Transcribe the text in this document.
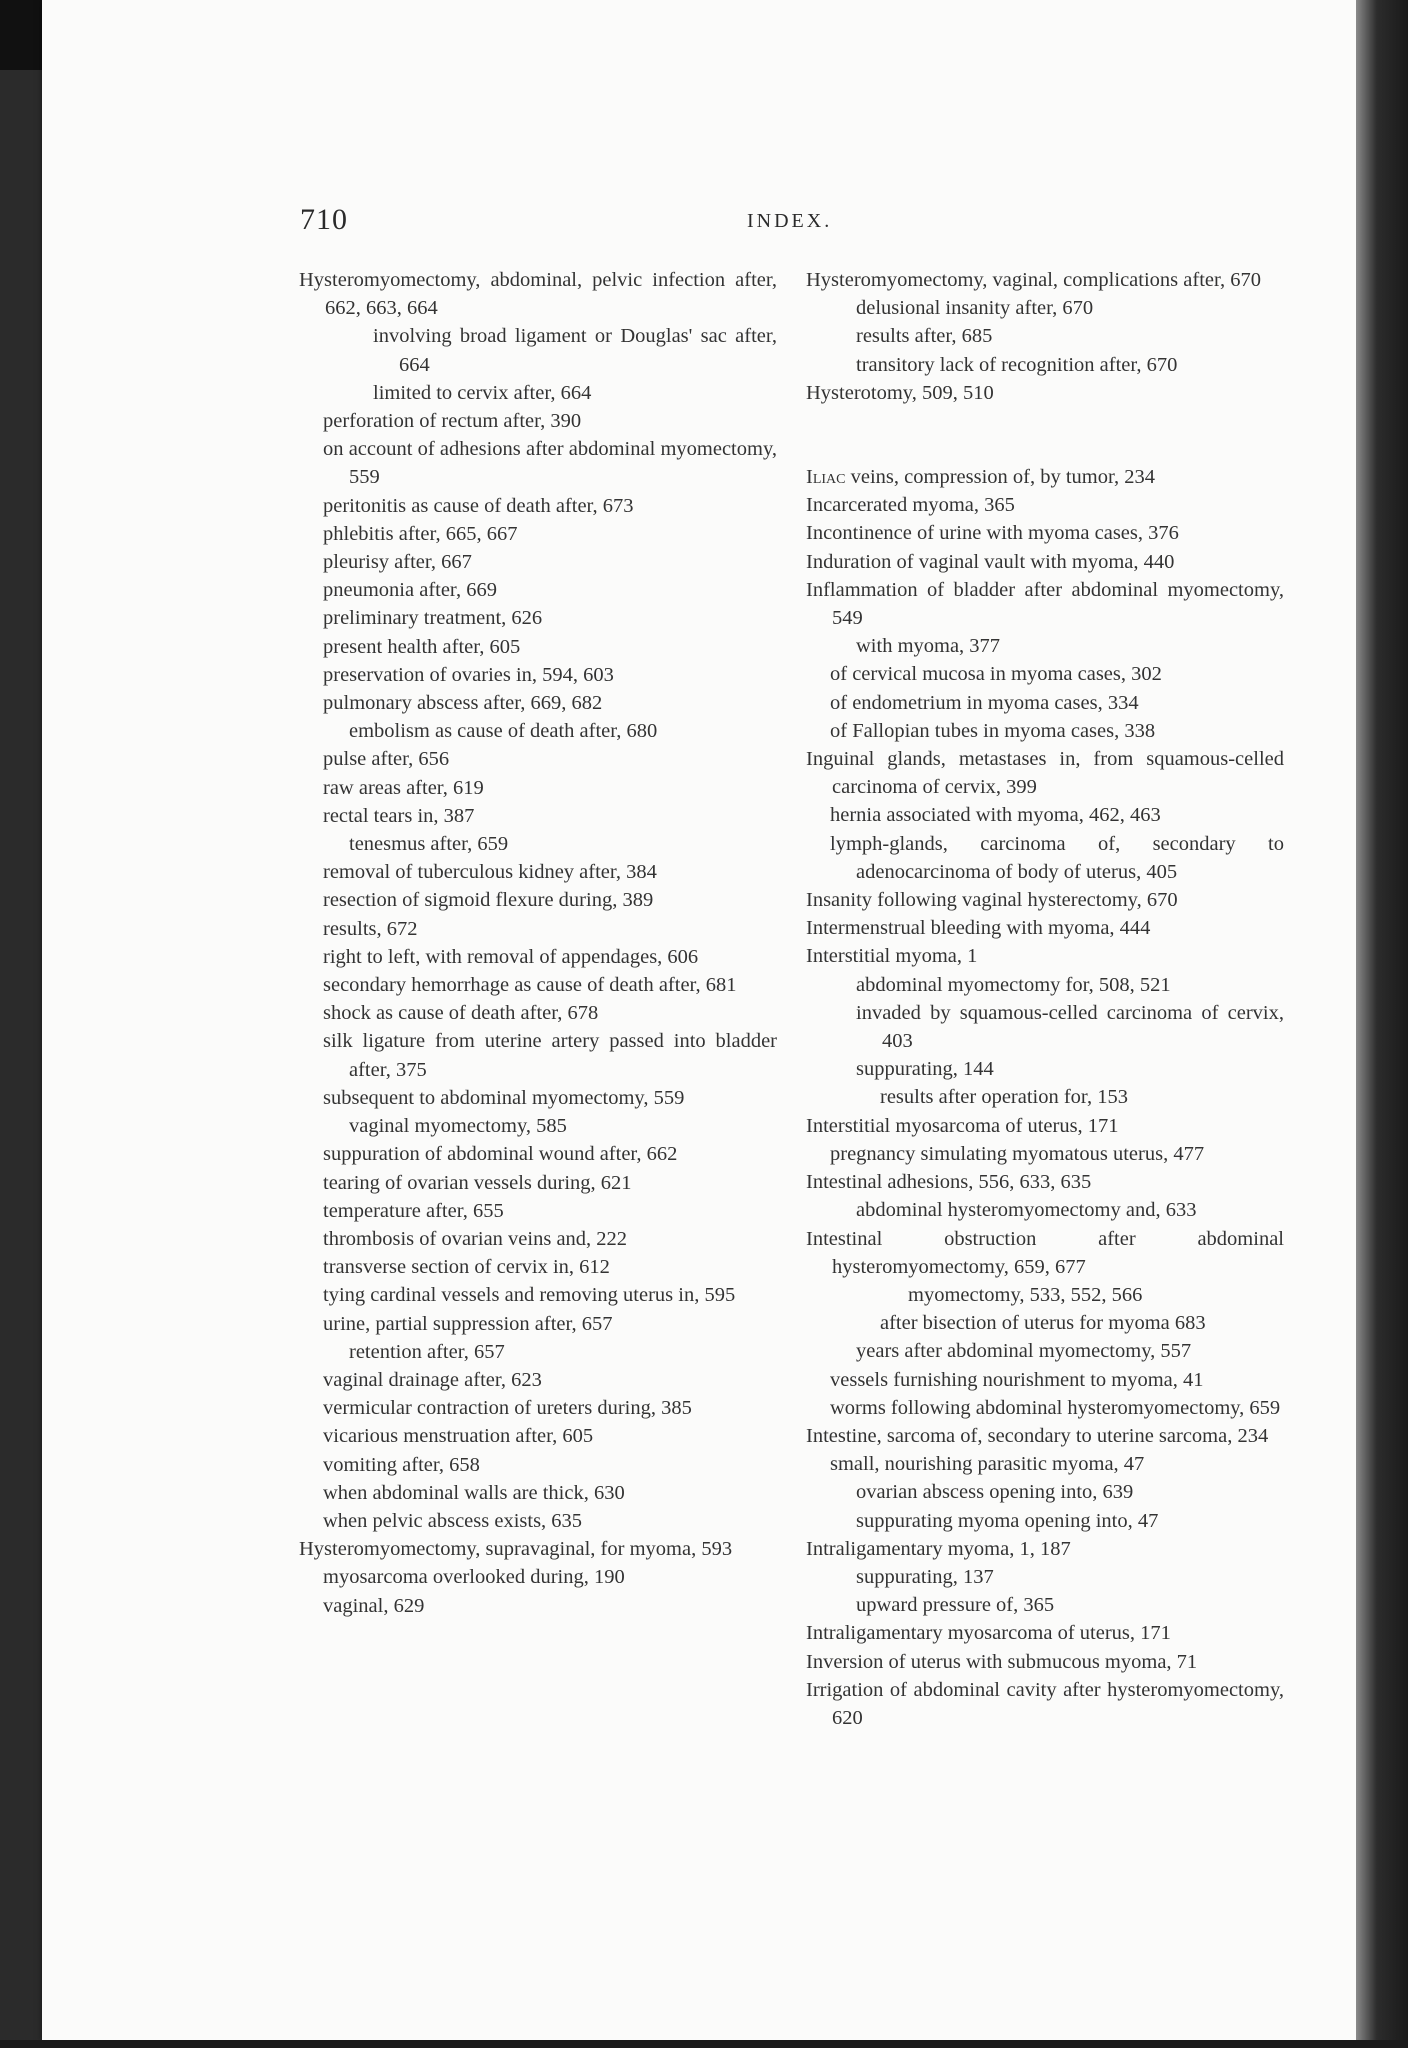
710	INDEX.
Hysteromyomectomy, abdominal, pelvic infection after, 662, 663, 664
involving broad ligament or Douglas' sac after, 664
limited to cervix after, 664
perforation of rectum after, 390
on account of adhesions after abdominal myomectomy, 559
peritonitis as cause of death after, 673
phlebitis after, 665, 667
pleurisy after, 667
pneumonia after, 669
preliminary treatment, 626
present health after, 605
preservation of ovaries in, 594, 603
pulmonary abscess after, 669, 682
embolism as cause of death after, 680
pulse after, 656
raw areas after, 619
rectal tears in, 387
tenesmus after, 659
removal of tuberculous kidney after, 384
resection of sigmoid flexure during, 389
results, 672
right to left, with removal of appendages, 606
secondary hemorrhage as cause of death after, 681
shock as cause of death after, 678
silk ligature from uterine artery passed into bladder after, 375
subsequent to abdominal myomectomy, 559
vaginal myomectomy, 585
suppuration of abdominal wound after, 662
tearing of ovarian vessels during, 621
temperature after, 655
thrombosis of ovarian veins and, 222
transverse section of cervix in, 612
tying cardinal vessels and removing uterus in, 595
urine, partial suppression after, 657
retention after, 657
vaginal drainage after, 623
vermicular contraction of ureters during, 385
vicarious menstruation after, 605
vomiting after, 658
when abdominal walls are thick, 630
when pelvic abscess exists, 635
Hysteromyomectomy, supravaginal, for myoma, 593
myosarcoma overlooked during, 190
vaginal, 629
Hysteromyomectomy, vaginal, complications after, 670
delusional insanity after, 670
results after, 685
transitory lack of recognition after, 670
Hysterotomy, 509, 510
Iliac veins, compression of, by tumor, 234
Incarcerated myoma, 365
Incontinence of urine with myoma cases, 376
Induration of vaginal vault with myoma, 440
Inflammation of bladder after abdominal myomectomy, 549
with myoma, 377
of cervical mucosa in myoma cases, 302
of endometrium in myoma cases, 334
of Fallopian tubes in myoma cases, 338
Inguinal glands, metastases in, from squamous-celled carcinoma of cervix, 399
hernia associated with myoma, 462, 463
lymph-glands, carcinoma of, secondary to adenocarcinoma of body of uterus, 405
Insanity following vaginal hysterectomy, 670
Intermenstrual bleeding with myoma, 444
Interstitial myoma, 1
abdominal myomectomy for, 508, 521
invaded by squamous-celled carcinoma of cervix, 403
suppurating, 144
results after operation for, 153
Interstitial myosarcoma of uterus, 171
pregnancy simulating myomatous uterus, 477
Intestinal adhesions, 556, 633, 635
abdominal hysteromyomectomy and, 633
Intestinal obstruction after abdominal hysteromyomectomy, 659, 677
myomectomy, 533, 552, 566
after bisection of uterus for myoma 683
years after abdominal myomectomy, 557
vessels furnishing nourishment to myoma, 41
worms following abdominal hysteromyomectomy, 659
Intestine, sarcoma of, secondary to uterine sarcoma, 234
small, nourishing parasitic myoma, 47
ovarian abscess opening into, 639
suppurating myoma opening into, 47
Intraligamentary myoma, 1, 187
suppurating, 137
upward pressure of, 365
Intraligamentary myosarcoma of uterus, 171
Inversion of uterus with submucous myoma, 71
Irrigation of abdominal cavity after hysteromyomectomy, 620
